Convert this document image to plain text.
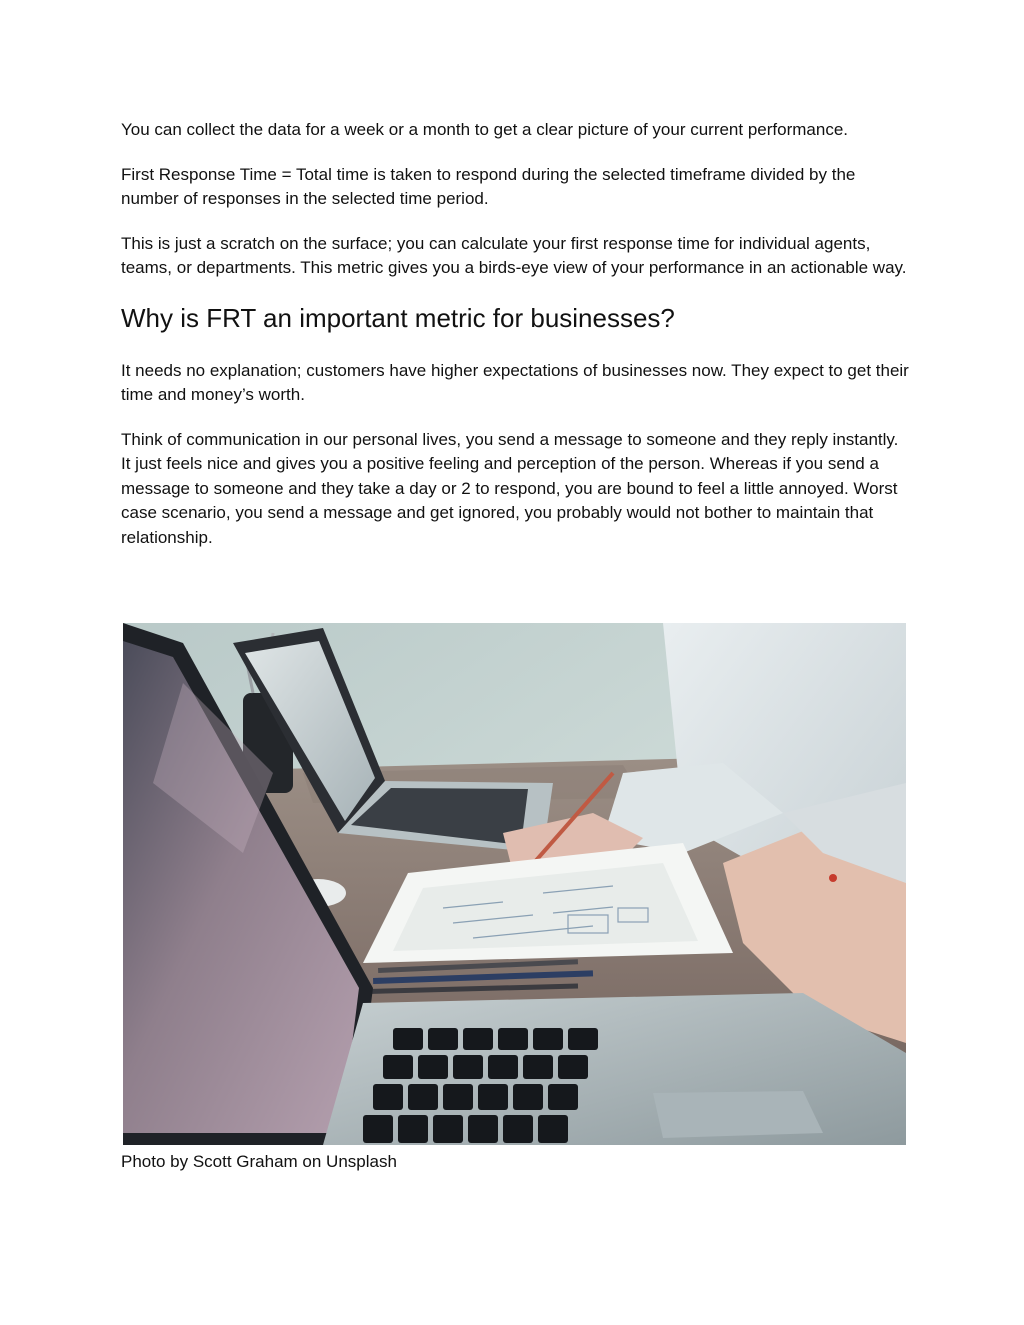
You can collect the data for a week or a month to get a clear picture of your current performance.

First Response Time = Total time is taken to respond during the selected timeframe divided by the number of responses in the selected time period.

This is just a scratch on the surface; you can calculate your first response time for individual agents, teams, or departments. This metric gives you a birds-eye view of your performance in an actionable way.

Why is FRT an important metric for businesses?

It needs no explanation; customers have higher expectations of businesses now. They expect to get their time and money’s worth.

Think of communication in our personal lives, you send a message to someone and they reply instantly. It just feels nice and gives you a positive feeling and perception of the person. Whereas if you send a message to someone and they take a day or 2 to respond, you are bound to feel a little annoyed. Worst case scenario, you send a message and get ignored, you probably would not bother to maintain that relationship.

Photo by Scott Graham on Unsplash
